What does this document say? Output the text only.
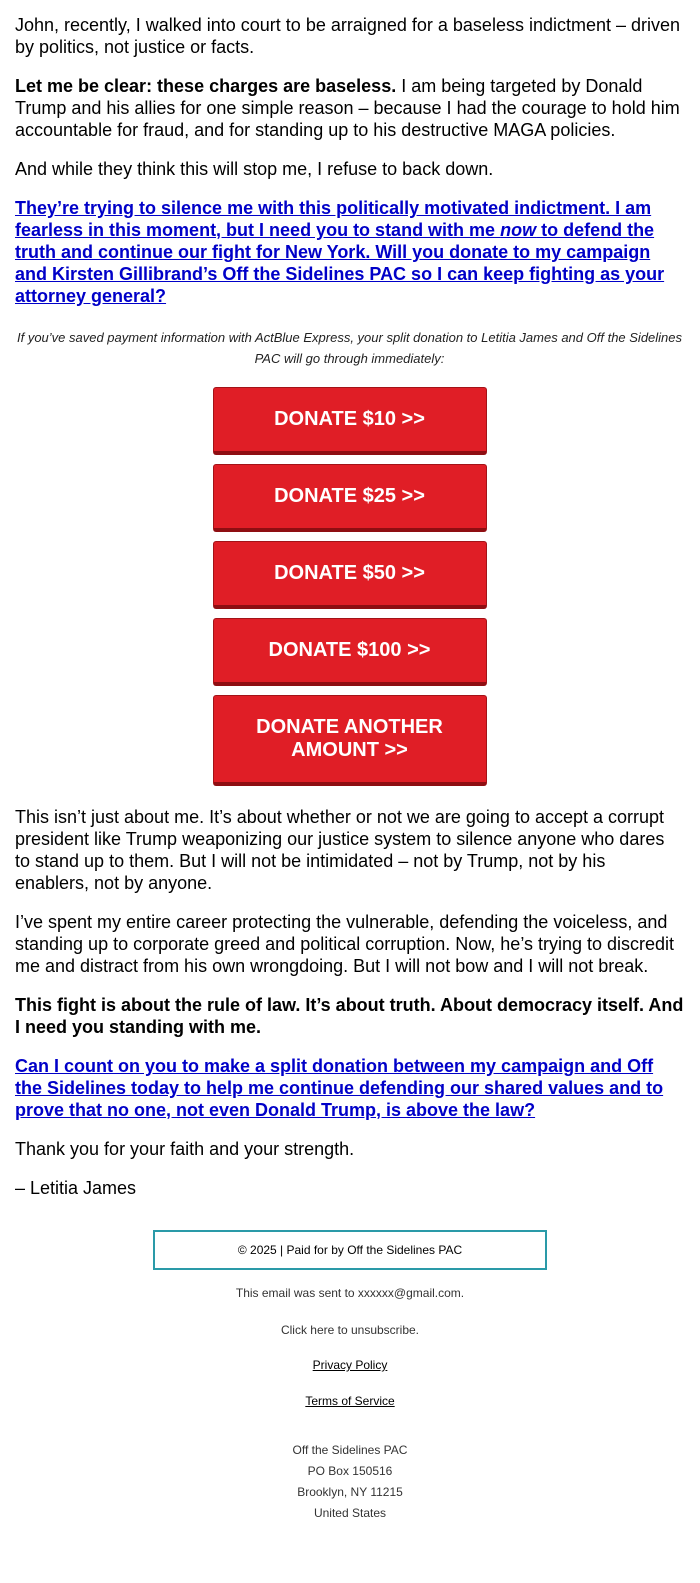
John, recently, I walked into court to be arraigned for a baseless indictment – driven by politics, not justice or facts.

Let me be clear: these charges are baseless. I am being targeted by Donald Trump and his allies for one simple reason – because I had the courage to hold him accountable for fraud, and for standing up to his destructive MAGA policies.

And while they think this will stop me, I refuse to back down.

They’re trying to silence me with this politically motivated indictment. I am fearless in this moment, but I need you to stand with me now to defend the truth and continue our fight for New York. Will you donate to my campaign and Kirsten Gillibrand’s Off the Sidelines PAC so I can keep fighting as your attorney general?

If you’ve saved payment information with ActBlue Express, your split donation to Letitia James and Off the Sidelines PAC will go through immediately:

DONATE $10 >>
DONATE $25 >>
DONATE $50 >>
DONATE $100 >>
DONATE ANOTHER AMOUNT >>

This isn’t just about me. It’s about whether or not we are going to accept a corrupt president like Trump weaponizing our justice system to silence anyone who dares to stand up to them. But I will not be intimidated – not by Trump, not by his enablers, not by anyone.

I’ve spent my entire career protecting the vulnerable, defending the voiceless, and standing up to corporate greed and political corruption. Now, he’s trying to discredit me and distract from his own wrongdoing. But I will not bow and I will not break.

This fight is about the rule of law. It’s about truth. About democracy itself. And I need you standing with me.

Can I count on you to make a split donation between my campaign and Off the Sidelines today to help me continue defending our shared values and to prove that no one, not even Donald Trump, is above the law?

Thank you for your faith and your strength.

– Letitia James

© 2025 | Paid for by Off the Sidelines PAC

This email was sent to xxxxxx@gmail.com.

Click here to unsubscribe.

Privacy Policy
Terms of Service
Off the Sidelines PAC
PO Box 150516
Brooklyn, NY 11215
United States
